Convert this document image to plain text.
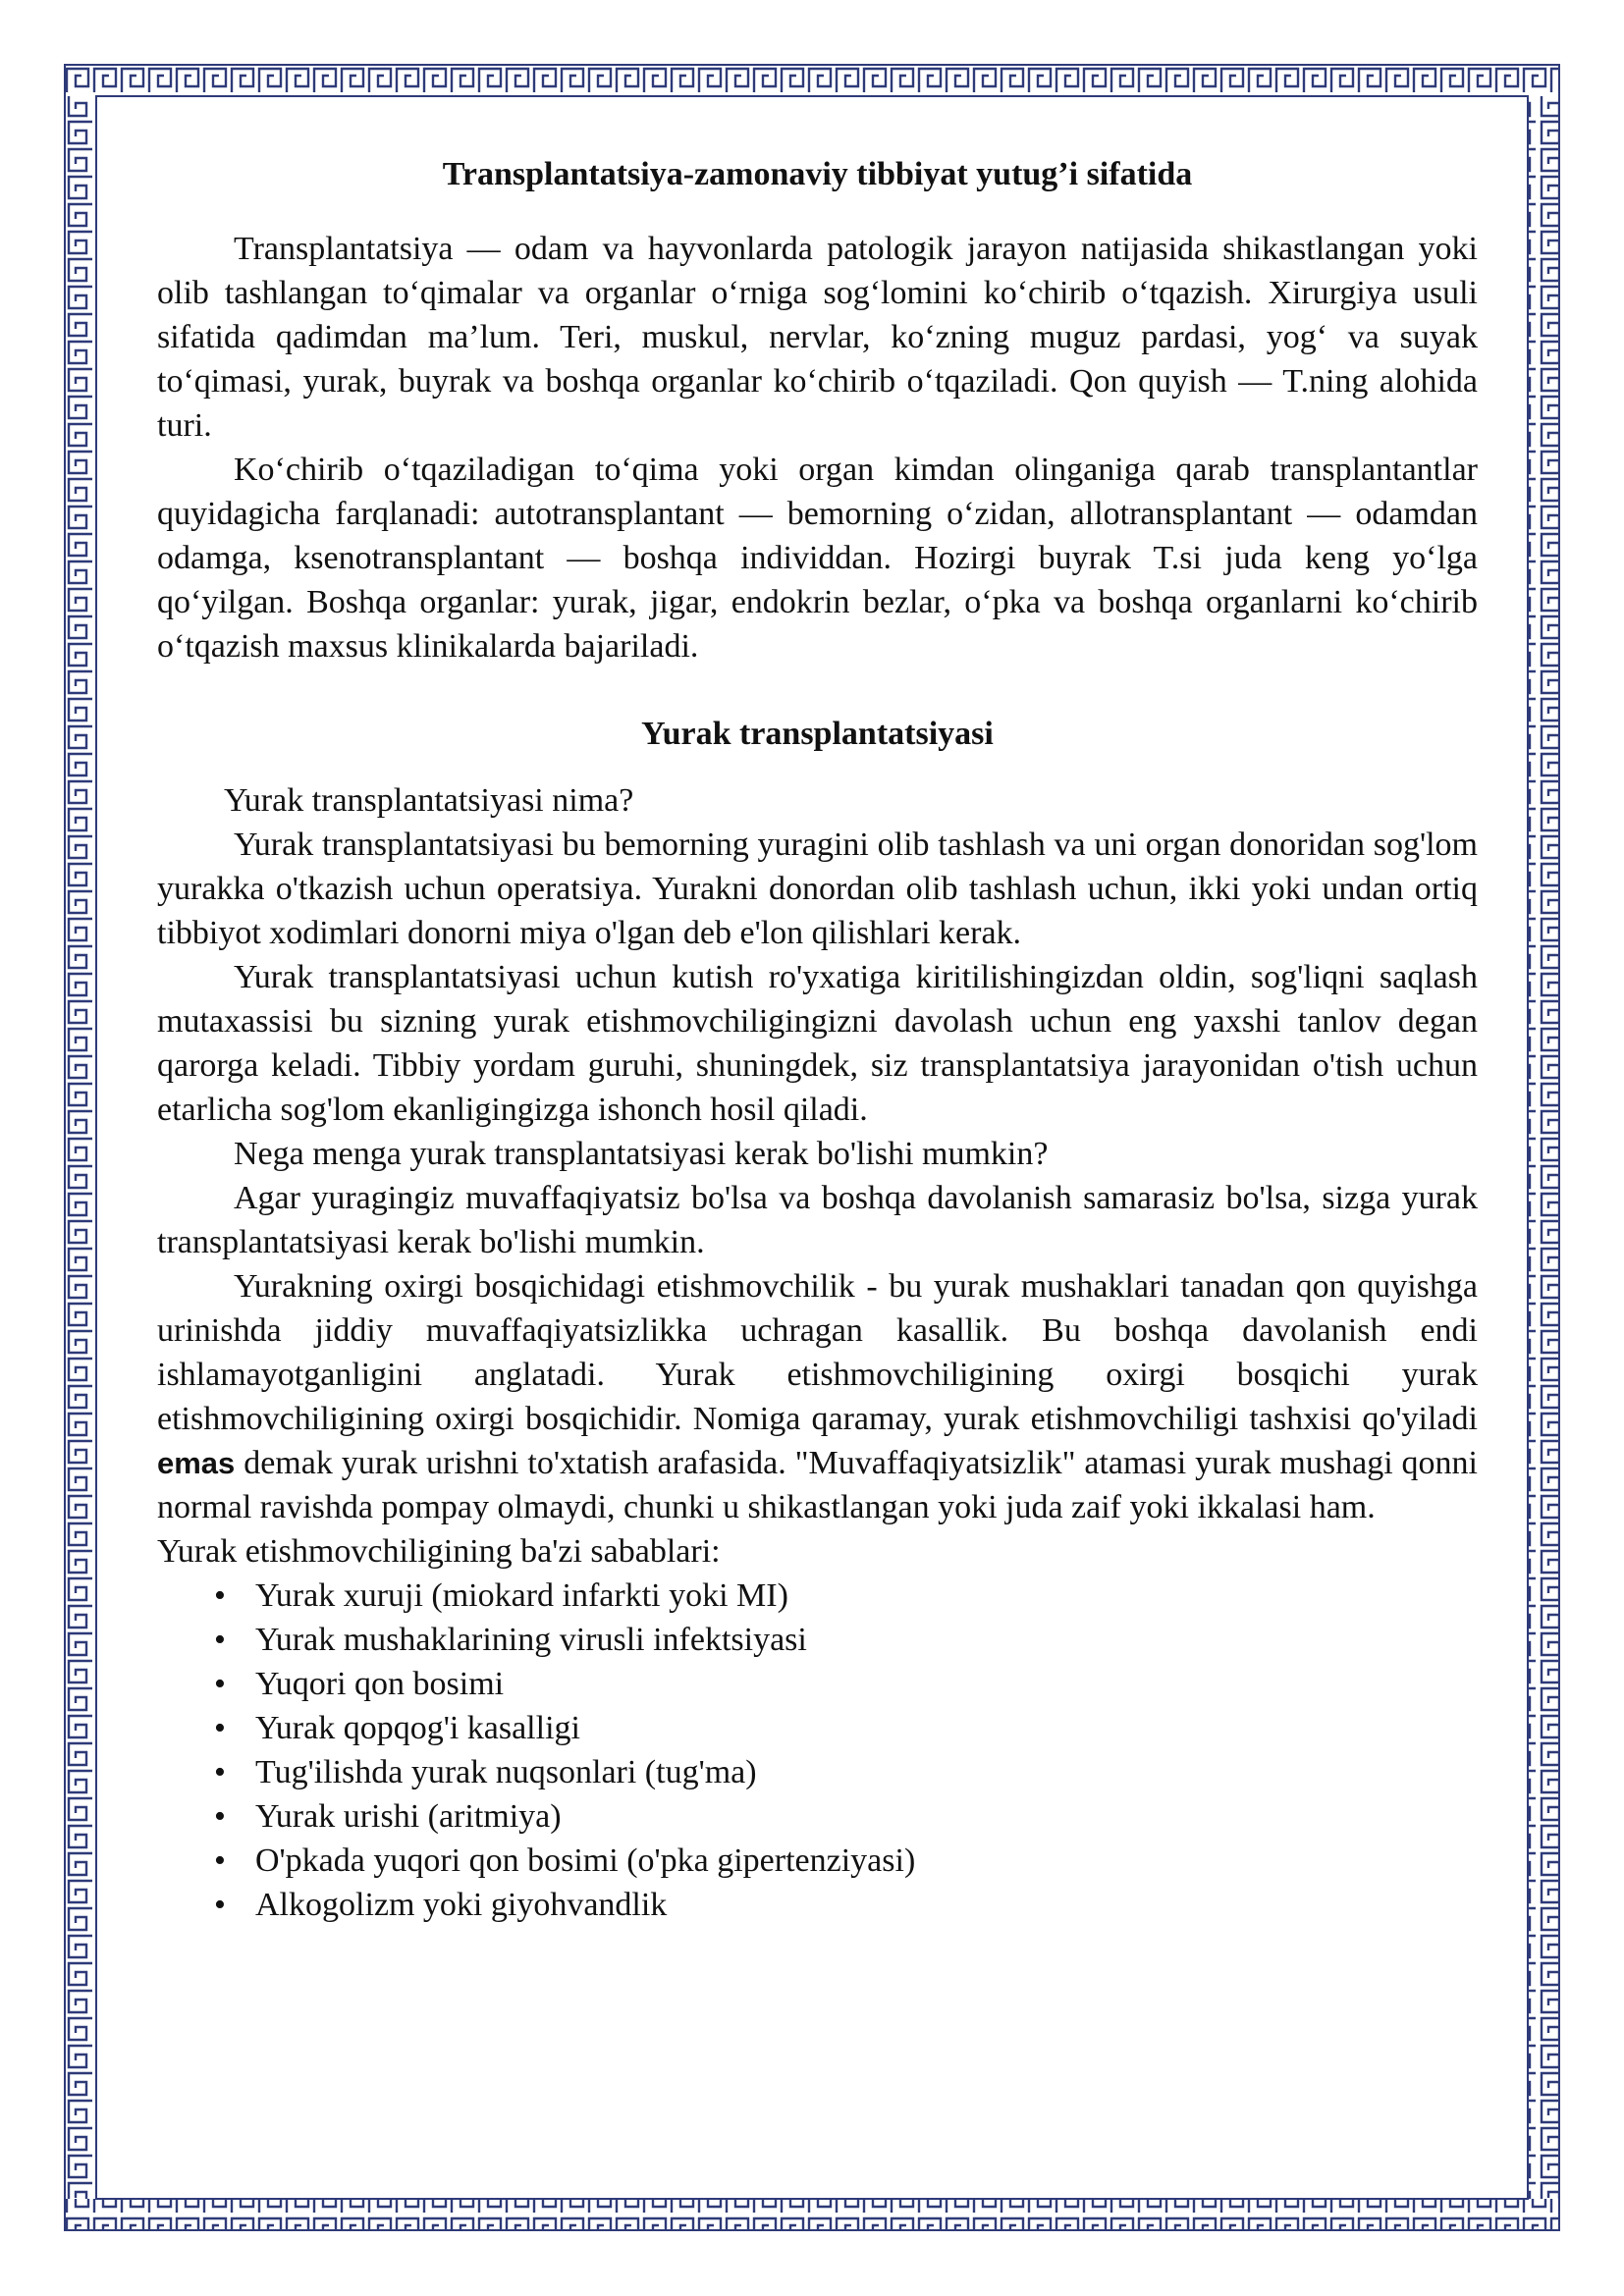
Transplantatsiya-zamonaviy tibbiyat yutug’i sifatida

Transplantatsiya — odam va hayvonlarda patologik jarayon natijasida shikastlangan yoki olib tashlangan to‘qimalar va organlar o‘rniga sog‘lomini ko‘chirib o‘tqazish. Xirurgiya usuli sifatida qadimdan ma’lum. Teri, muskul, nervlar, ko‘zning muguz pardasi, yog‘ va suyak to‘qimasi, yurak, buyrak va boshqa organlar ko‘chirib o‘tqaziladi. Qon quyish — T.ning alohida turi.

Ko‘chirib o‘tqaziladigan to‘qima yoki organ kimdan olinganiga qarab transplantantlar quyidagicha farqlanadi: autotransplantant — bemorning o‘zidan, allotransplantant — odamdan odamga, ksenotransplantant — boshqa individdan. Hozirgi buyrak T.si juda keng yo‘lga qo‘yilgan. Boshqa organlar: yurak, jigar, endokrin bezlar, o‘pka va boshqa organlarni ko‘chirib o‘tqazish maxsus klinikalarda bajariladi.

Yurak transplantatsiyasi

Yurak transplantatsiyasi nima?

Yurak transplantatsiyasi bu bemorning yuragini olib tashlash va uni organ donoridan sog'lom yurakka o'tkazish uchun operatsiya. Yurakni donordan olib tashlash uchun, ikki yoki undan ortiq tibbiyot xodimlari donorni miya o'lgan deb e'lon qilishlari kerak.

Yurak transplantatsiyasi uchun kutish ro'yxatiga kiritilishingizdan oldin, sog'liqni saqlash mutaxassisi bu sizning yurak etishmovchiligingizni davolash uchun eng yaxshi tanlov degan qarorga keladi. Tibbiy yordam guruhi, shuningdek, siz transplantatsiya jarayonidan o'tish uchun etarlicha sog'lom ekanligingizga ishonch hosil qiladi.

Nega menga yurak transplantatsiyasi kerak bo'lishi mumkin?

Agar yuragingiz muvaffaqiyatsiz bo'lsa va boshqa davolanish samarasiz bo'lsa, sizga yurak transplantatsiyasi kerak bo'lishi mumkin.

Yurakning oxirgi bosqichidagi etishmovchilik - bu yurak mushaklari tanadan qon quyishga urinishda jiddiy muvaffaqiyatsizlikka uchragan kasallik. Bu boshqa davolanish endi ishlamayotganligini anglatadi. Yurak etishmovchiligining oxirgi bosqichi yurak etishmovchiligining oxirgi bosqichidir. Nomiga qaramay, yurak etishmovchiligi tashxisi qo'yiladi emas demak yurak urishni to'xtatish arafasida. "Muvaffaqiyatsizlik" atamasi yurak mushagi qonni normal ravishda pompay olmaydi, chunki u shikastlangan yoki juda zaif yoki ikkalasi ham.

Yurak etishmovchiligining ba'zi sabablari:

• Yurak xuruji (miokard infarkti yoki MI)
• Yurak mushaklarining virusli infektsiyasi
• Yuqori qon bosimi
• Yurak qopqog'i kasalligi
• Tug'ilishda yurak nuqsonlari (tug'ma)
• Yurak urishi (aritmiya)
• O'pkada yuqori qon bosimi (o'pka gipertenziyasi)
• Alkogolizm yoki giyohvandlik
